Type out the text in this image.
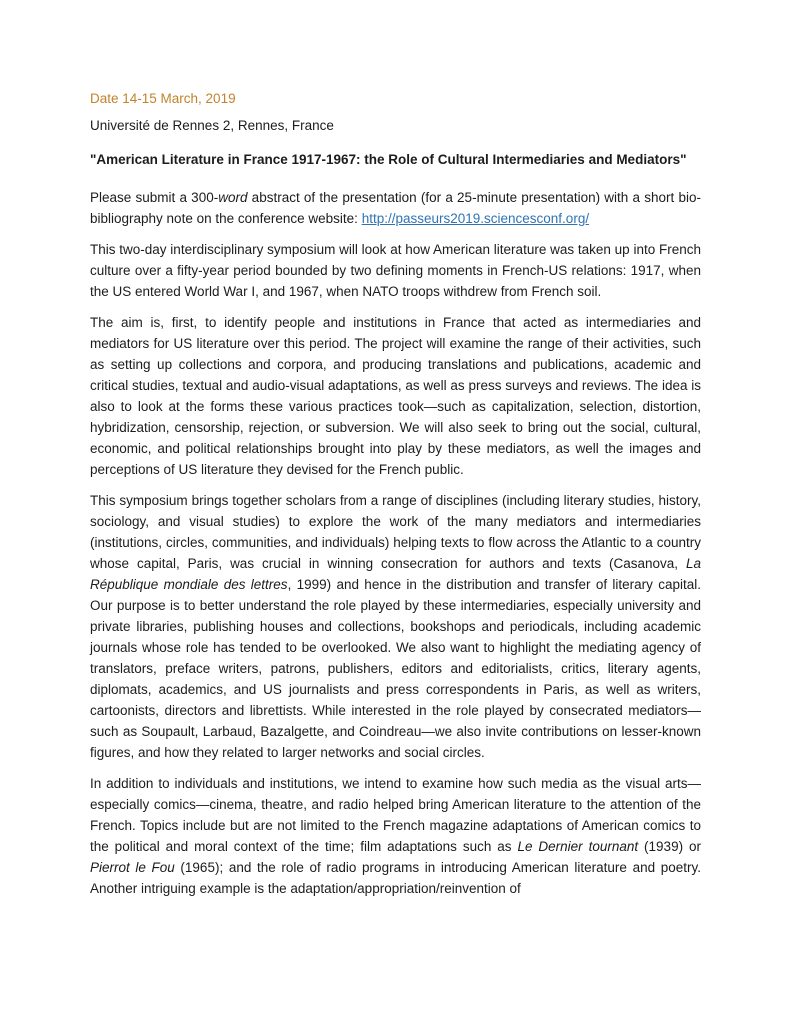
Date 14-15 March, 2019
Université de Rennes 2, Rennes, France
"American Literature in France 1917-1967: the Role of Cultural Intermediaries and Mediators"

Please submit a 300-word abstract of the presentation (for a 25-minute presentation) with a short bio-bibliography note on the conference website: http://passeurs2019.sciencesconf.org/

This two-day interdisciplinary symposium will look at how American literature was taken up into French culture over a fifty-year period bounded by two defining moments in French-US relations: 1917, when the US entered World War I, and 1967, when NATO troops withdrew from French soil.

The aim is, first, to identify people and institutions in France that acted as intermediaries and mediators for US literature over this period. The project will examine the range of their activities, such as setting up collections and corpora, and producing translations and publications, academic and critical studies, textual and audio-visual adaptations, as well as press surveys and reviews. The idea is also to look at the forms these various practices took—such as capitalization, selection, distortion, hybridization, censorship, rejection, or subversion. We will also seek to bring out the social, cultural, economic, and political relationships brought into play by these mediators, as well the images and perceptions of US literature they devised for the French public.

This symposium brings together scholars from a range of disciplines (including literary studies, history, sociology, and visual studies) to explore the work of the many mediators and intermediaries (institutions, circles, communities, and individuals) helping texts to flow across the Atlantic to a country whose capital, Paris, was crucial in winning consecration for authors and texts (Casanova, La République mondiale des lettres, 1999) and hence in the distribution and transfer of literary capital. Our purpose is to better understand the role played by these intermediaries, especially university and private libraries, publishing houses and collections, bookshops and periodicals, including academic journals whose role has tended to be overlooked. We also want to highlight the mediating agency of translators, preface writers, patrons, publishers, editors and editorialists, critics, literary agents, diplomats, academics, and US journalists and press correspondents in Paris, as well as writers, cartoonists, directors and librettists. While interested in the role played by consecrated mediators—such as Soupault, Larbaud, Bazalgette, and Coindreau—we also invite contributions on lesser-known figures, and how they related to larger networks and social circles.

In addition to individuals and institutions, we intend to examine how such media as the visual arts—especially comics—cinema, theatre, and radio helped bring American literature to the attention of the French. Topics include but are not limited to the French magazine adaptations of American comics to the political and moral context of the time; film adaptations such as Le Dernier tournant (1939) or Pierrot le Fou (1965); and the role of radio programs in introducing American literature and poetry. Another intriguing example is the adaptation/appropriation/reinvention of
